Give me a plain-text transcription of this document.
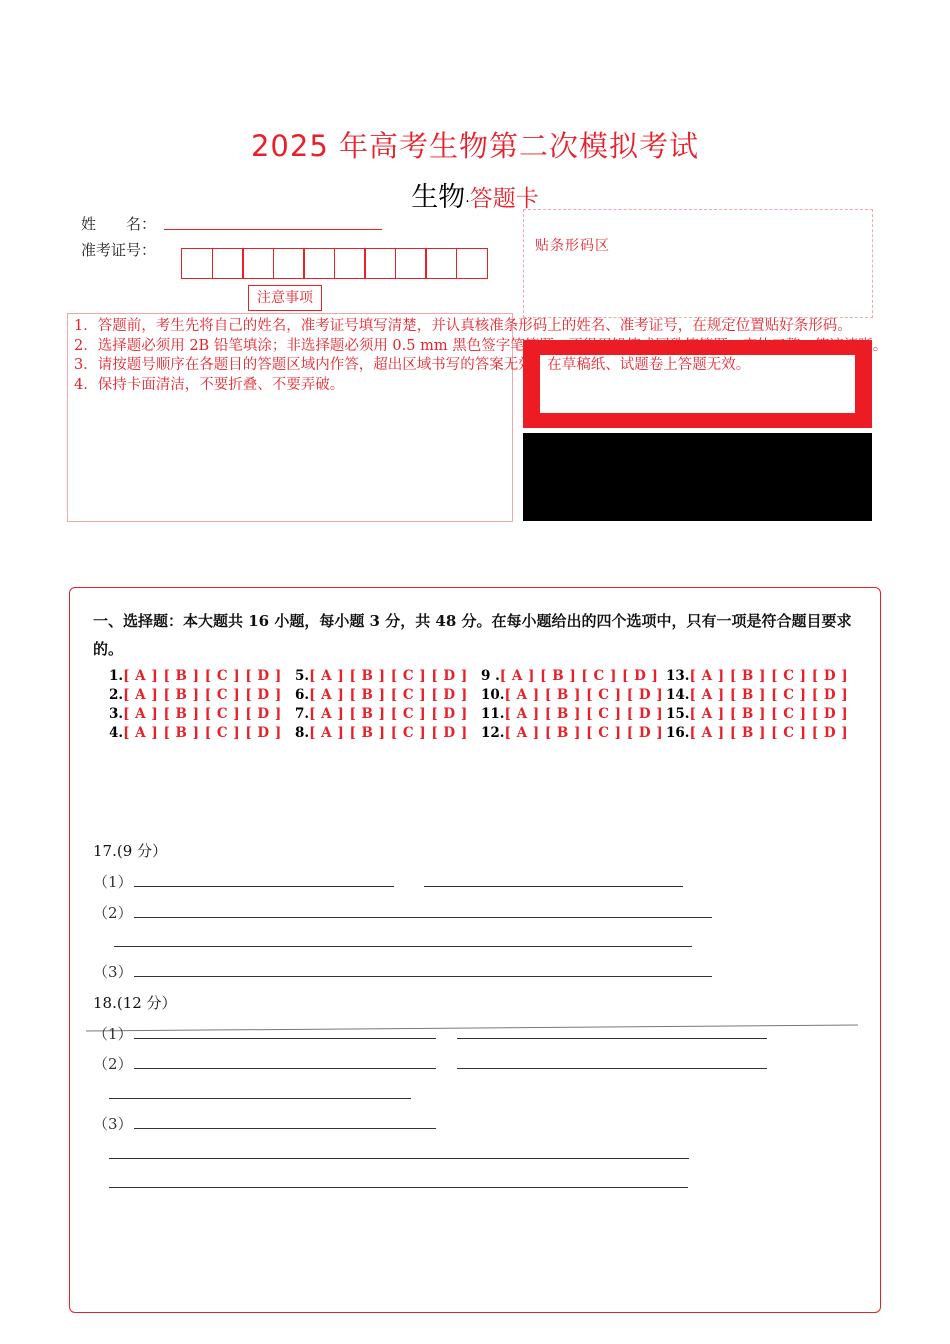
2025 年高考生物第二次模拟考试
生物·答题卡
姓　　名：
准考证号：	贴条形码区
注意事项
1．答题前，考生先将自己的姓名，准考证号填写清楚，并认真核准条形码上的姓名、准考证号，在规定位置贴好条形码。
2．选择题必须用 2B 铅笔填涂；非选择题必须用 0.5 mm 黑色签字笔答题，不得用铅笔或圆珠笔答题；字体工整、笔迹清晰。
3．请按题号顺序在各题目的答题区域内作答，超出区域书写的答案无效；在草稿纸、试题卷上答题无效。
4．保持卡面清洁，不要折叠、不要弄破。
一、选择题：本大题共 16 小题，每小题 3 分，共 48 分。在每小题给出的四个选项中，只有一项是符合题目要求的。
1.[ A ] [ B ] [ C ] [ D ]
2.[ A ] [ B ] [ C ] [ D ]
3.[ A ] [ B ] [ C ] [ D ]
4.[ A ] [ B ] [ C ] [ D ]
5.[ A ] [ B ] [ C ] [ D ]
6.[ A ] [ B ] [ C ] [ D ]
7.[ A ] [ B ] [ C ] [ D ]
8.[ A ] [ B ] [ C ] [ D ]
9 .[ A ] [ B ] [ C ] [ D ]
10.[ A ] [ B ] [ C ] [ D ]
11.[ A ] [ B ] [ C ] [ D ]
12.[ A ] [ B ] [ C ] [ D ]
13.[ A ] [ B ] [ C ] [ D ]
14.[ A ] [ B ] [ C ] [ D ]
15.[ A ] [ B ] [ C ] [ D ]
16.[ A ] [ B ] [ C ] [ D ]
17.(9 分）
（1）
（2）
（3）
18.(12 分）
（1）
（2）
（3）
